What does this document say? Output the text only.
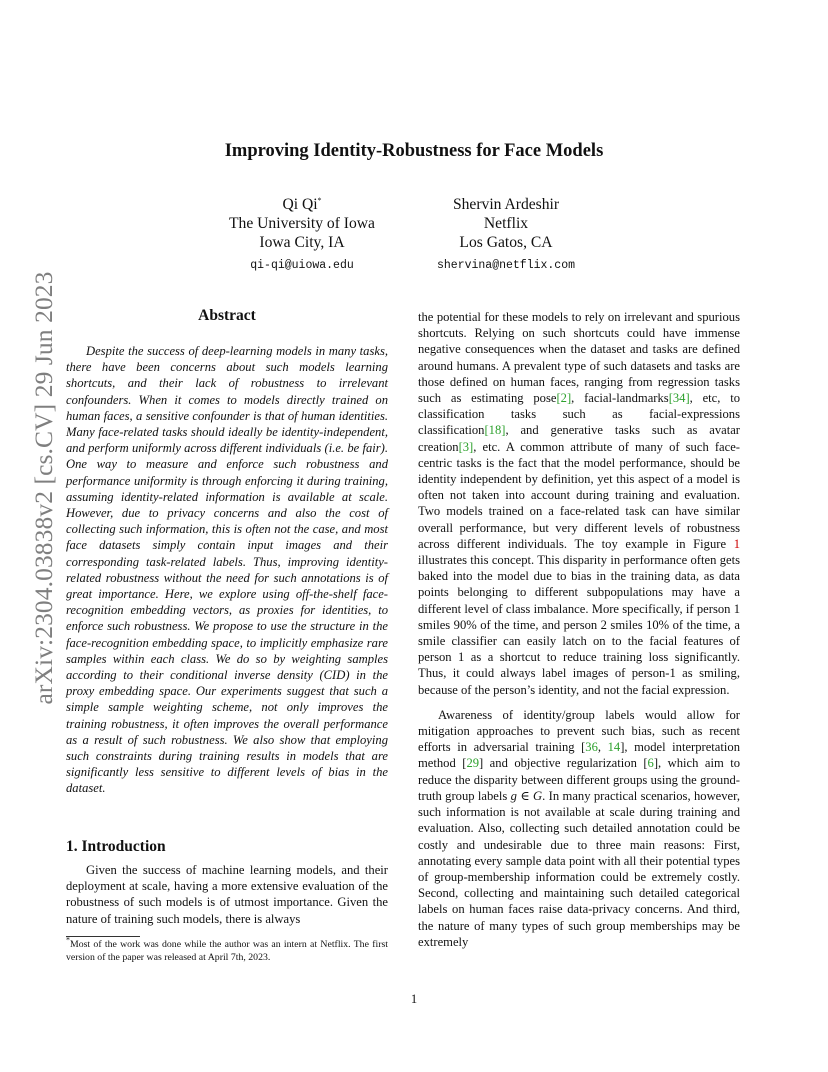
arXiv:2304.03838v2 [cs.CV] 29 Jun 2023
Improving Identity-Robustness for Face Models
Qi Qi*
The University of Iowa
Iowa City, IA
qi-qi@uiowa.edu
Shervin Ardeshir
Netflix
Los Gatos, CA
shervina@netflix.com
Abstract

Despite the success of deep-learning models in many tasks, there have been concerns about such models learning shortcuts, and their lack of robustness to irrelevant confounders. When it comes to models directly trained on human faces, a sensitive confounder is that of human identities. Many face-related tasks should ideally be identity-independent, and perform uniformly across different individuals (i.e. be fair). One way to measure and enforce such robustness and performance uniformity is through enforcing it during training, assuming identity-related information is available at scale. However, due to privacy concerns and also the cost of collecting such information, this is often not the case, and most face datasets simply contain input images and their corresponding task-related labels. Thus, improving identity-related robustness without the need for such annotations is of great importance. Here, we explore using off-the-shelf face-recognition embedding vectors, as proxies for identities, to enforce such robustness. We propose to use the structure in the face-recognition embedding space, to implicitly emphasize rare samples within each class. We do so by weighting samples according to their conditional inverse density (CID) in the proxy embedding space. Our experiments suggest that such a simple sample weighting scheme, not only improves the training robustness, it often improves the overall performance as a result of such robustness. We also show that employing such constraints during training results in models that are significantly less sensitive to different levels of bias in the dataset.

1. Introduction

Given the success of machine learning models, and their deployment at scale, having a more extensive evaluation of the robustness of such models is of utmost importance. Given the nature of training such models, there is always

*Most of the work was done while the author was an intern at Netflix. The first version of the paper was released at April 7th, 2023.

the potential for these models to rely on irrelevant and spurious shortcuts. Relying on such shortcuts could have immense negative consequences when the dataset and tasks are defined around humans. A prevalent type of such datasets and tasks are those defined on human faces, ranging from regression tasks such as estimating pose[2], facial-landmarks[34], etc, to classification tasks such as facial-expressions classification[18], and generative tasks such as avatar creation[3], etc. A common attribute of many of such face-centric tasks is the fact that the model performance, should be identity independent by definition, yet this aspect of a model is often not taken into account during training and evaluation. Two models trained on a face-related task can have similar overall performance, but very different levels of robustness across different individuals. The toy example in Figure 1 illustrates this concept. This disparity in performance often gets baked into the model due to bias in the training data, as data points belonging to different subpopulations may have a different level of class imbalance. More specifically, if person 1 smiles 90% of the time, and person 2 smiles 10% of the time, a smile classifier can easily latch on to the facial features of person 1 as a shortcut to reduce training loss significantly. Thus, it could always label images of person-1 as smiling, because of the person’s identity, and not the facial expression.

Awareness of identity/group labels would allow for mitigation approaches to prevent such bias, such as recent efforts in adversarial training [36, 14], model interpretation method [29] and objective regularization [6], which aim to reduce the disparity between different groups using the ground-truth group labels g ∈ G. In many practical scenarios, however, such information is not available at scale during training and evaluation. Also, collecting such detailed annotation could be costly and undesirable due to three main reasons: First, annotating every sample data point with all their potential types of group-membership information could be extremely costly. Second, collecting and maintaining such detailed categorical labels on human faces raise data-privacy concerns. And third, the nature of many types of such group memberships may be extremely

1
